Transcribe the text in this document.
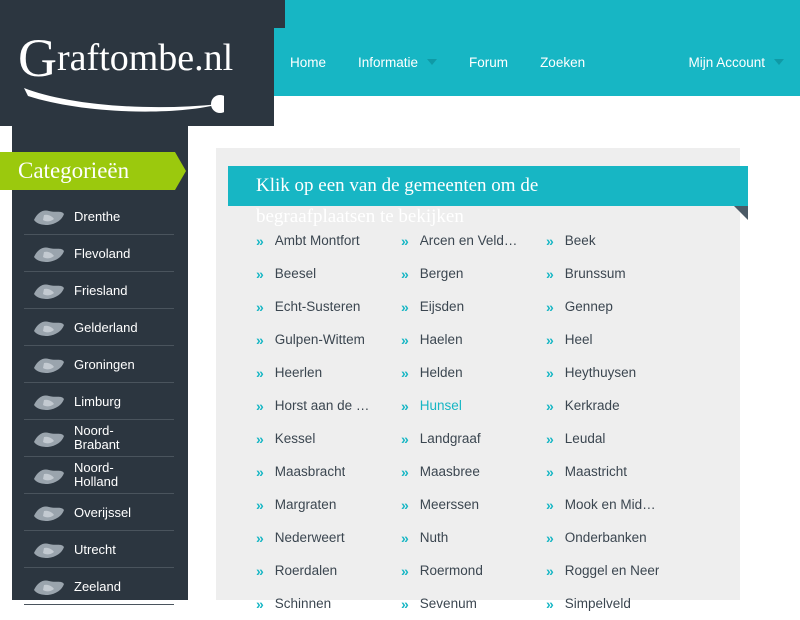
Graftombe.nl	Home Informatie	Forum Zoeken	Mijn Account
Klik op een van de gemeenten om de
begraafplaatsen te bekijken
Drenthe
Flevoland
Friesland
Gelderland
Groningen
Limburg
Noord-
Brabant
Noord-
Holland
Overijssel
Utrecht
Zeeland
Categorieën
» Ambt Montfort	» Arcen en Veld… » Beek
» Beesel	» Bergen	» Brunssum
» Echt-Susteren	» Eijsden	» Gennep
» Gulpen-Wittem	» Haelen	» Heel
» Heerlen	» Helden	» Heythuysen
» Horst aan de … » Hunsel	» Kerkrade
» Kessel	» Landgraaf	» Leudal
» Maasbracht	» Maasbree	» Maastricht
» Margraten	» Meerssen	» Mook en Mid…
» Nederweert	» Nuth	» Onderbanken
» Roerdalen	» Roermond	» Roggel en Neer
» Schinnen	» Sevenum	» Simpelveld
